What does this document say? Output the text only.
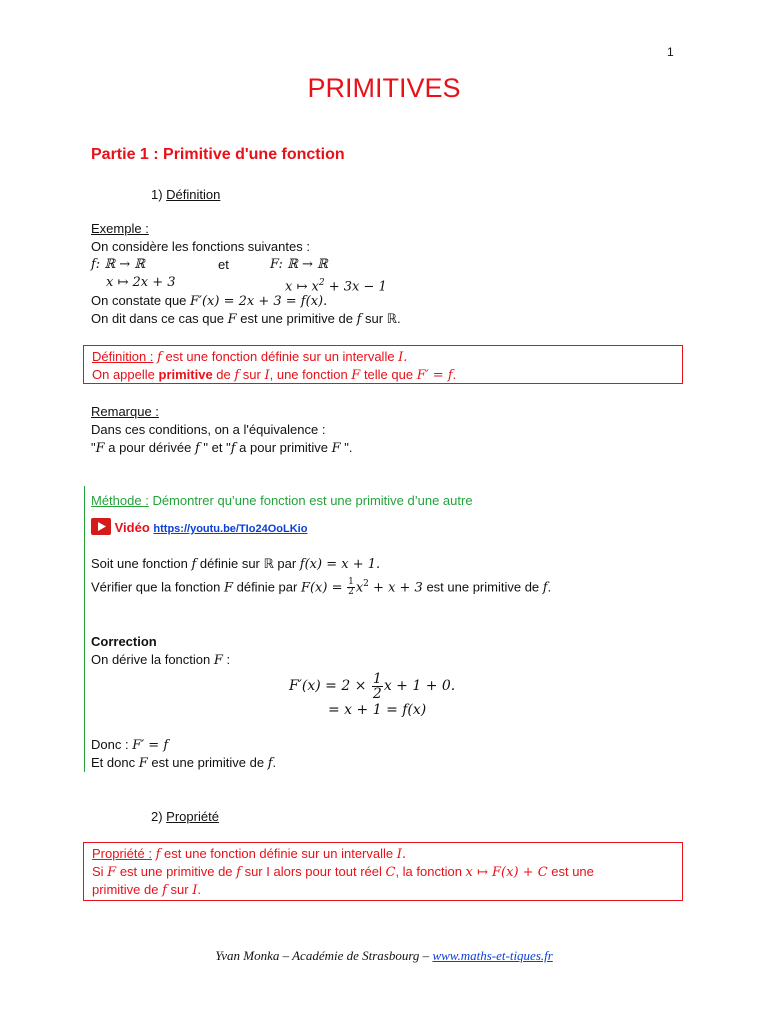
1
PRIMITIVES
Partie 1 : Primitive d'une fonction
1) Définition
Exemple :
On considère les fonctions suivantes :
f: ℝ → ℝ	et	F: ℝ → ℝ
x ↦ 2x + 3	x ↦ $x^2 + 3x - 1$
On constate que F′(x) = 2x + 3 = f(x).
On dit dans ce cas que F est une primitive de f sur ℝ.
Définition : f est une fonction définie sur un intervalle I.
On appelle primitive de f sur I, une fonction F telle que F′ = f.
Remarque :
Dans ces conditions, on a l'équivalence :
"F a pour dérivée f " et "f a pour primitive F ".
Méthode : Démontrer qu’une fonction est une primitive d’une autre
Vidéo https://youtu.be/TIo24OoLKio
Soit une fonction f définie sur ℝ par f(x) = x + 1.
Vérifier que la fonction F définie par $F(x) = \frac{1}{2} x^2 + x + 3$ est une primitive de f.
Correction
On dérive la fonction F :
$F'(x) = 2 \times \frac{1}{2}$ x + 1 + 0.
= x + 1 = f(x)
Donc : F′ = f
Et donc F est une primitive de f.
2) Propriété
Propriété : f est une fonction définie sur un intervalle I.
Si F est une primitive de f sur I alors pour tout réel C, la fonction x ↦ F(x) + C est une
primitive de f sur I.
Yvan Monka – Académie de Strasbourg – www.maths-et-tiques.fr
